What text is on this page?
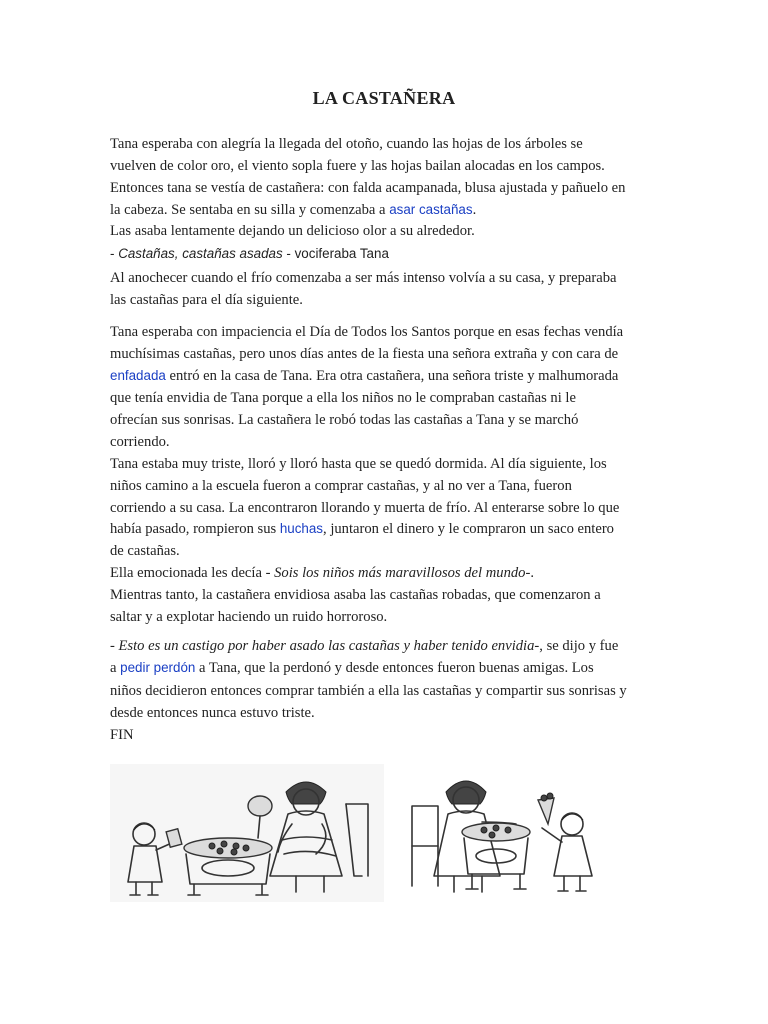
LA CASTAÑERA
Tana esperaba con alegría la llegada del otoño, cuando las hojas de los árboles se
vuelven de color oro, el viento sopla fuere y las hojas bailan alocadas en los campos.
Entonces tana se vestía de castañera: con falda acampanada, blusa ajustada y pañuelo en
la cabeza. Se sentaba en su silla y comenzaba a asar castañas.
Las asaba lentamente dejando un delicioso olor a su alrededor.
- Castañas, castañas asadas - vociferaba Tana
Al anochecer cuando el frío comenzaba a ser más intenso volvía a su casa, y preparaba
las castañas para el día siguiente.
Tana esperaba con impaciencia el Día de Todos los Santos porque en esas fechas vendía
muchísimas castañas, pero unos días antes de la fiesta una señora extraña y con cara de
enfadada entró en la casa de Tana. Era otra castañera, una señora triste y malhumorada
que tenía envidia de Tana porque a ella los niños no le compraban castañas ni le
ofrecían sus sonrisas. La castañera le robó todas las castañas a Tana y se marchó
corriendo.
Tana estaba muy triste, lloró y lloró hasta que se quedó dormida. Al día siguiente, los
niños camino a la escuela fueron a comprar castañas, y al no ver a Tana, fueron
corriendo a su casa. La encontraron llorando y muerta de frío. Al enterarse sobre lo que
había pasado, rompieron sus huchas, juntaron el dinero y le compraron un saco entero
de castañas.
Ella emocionada les decía - Sois los niños más maravillosos del mundo-.
Mientras tanto, la castañera envidiosa asaba las castañas robadas, que comenzaron a
saltar y a explotar haciendo un ruido horroroso.
- Esto es un castigo por haber asado las castañas y haber tenido envidia-, se dijo y fue
a pedir perdón a Tana, que la perdonó y desde entonces fueron buenas amigas. Los
niños decidieron entonces comprar también a ella las castañas y compartir sus sonrisas y
desde entonces nunca estuvo triste.
FIN
